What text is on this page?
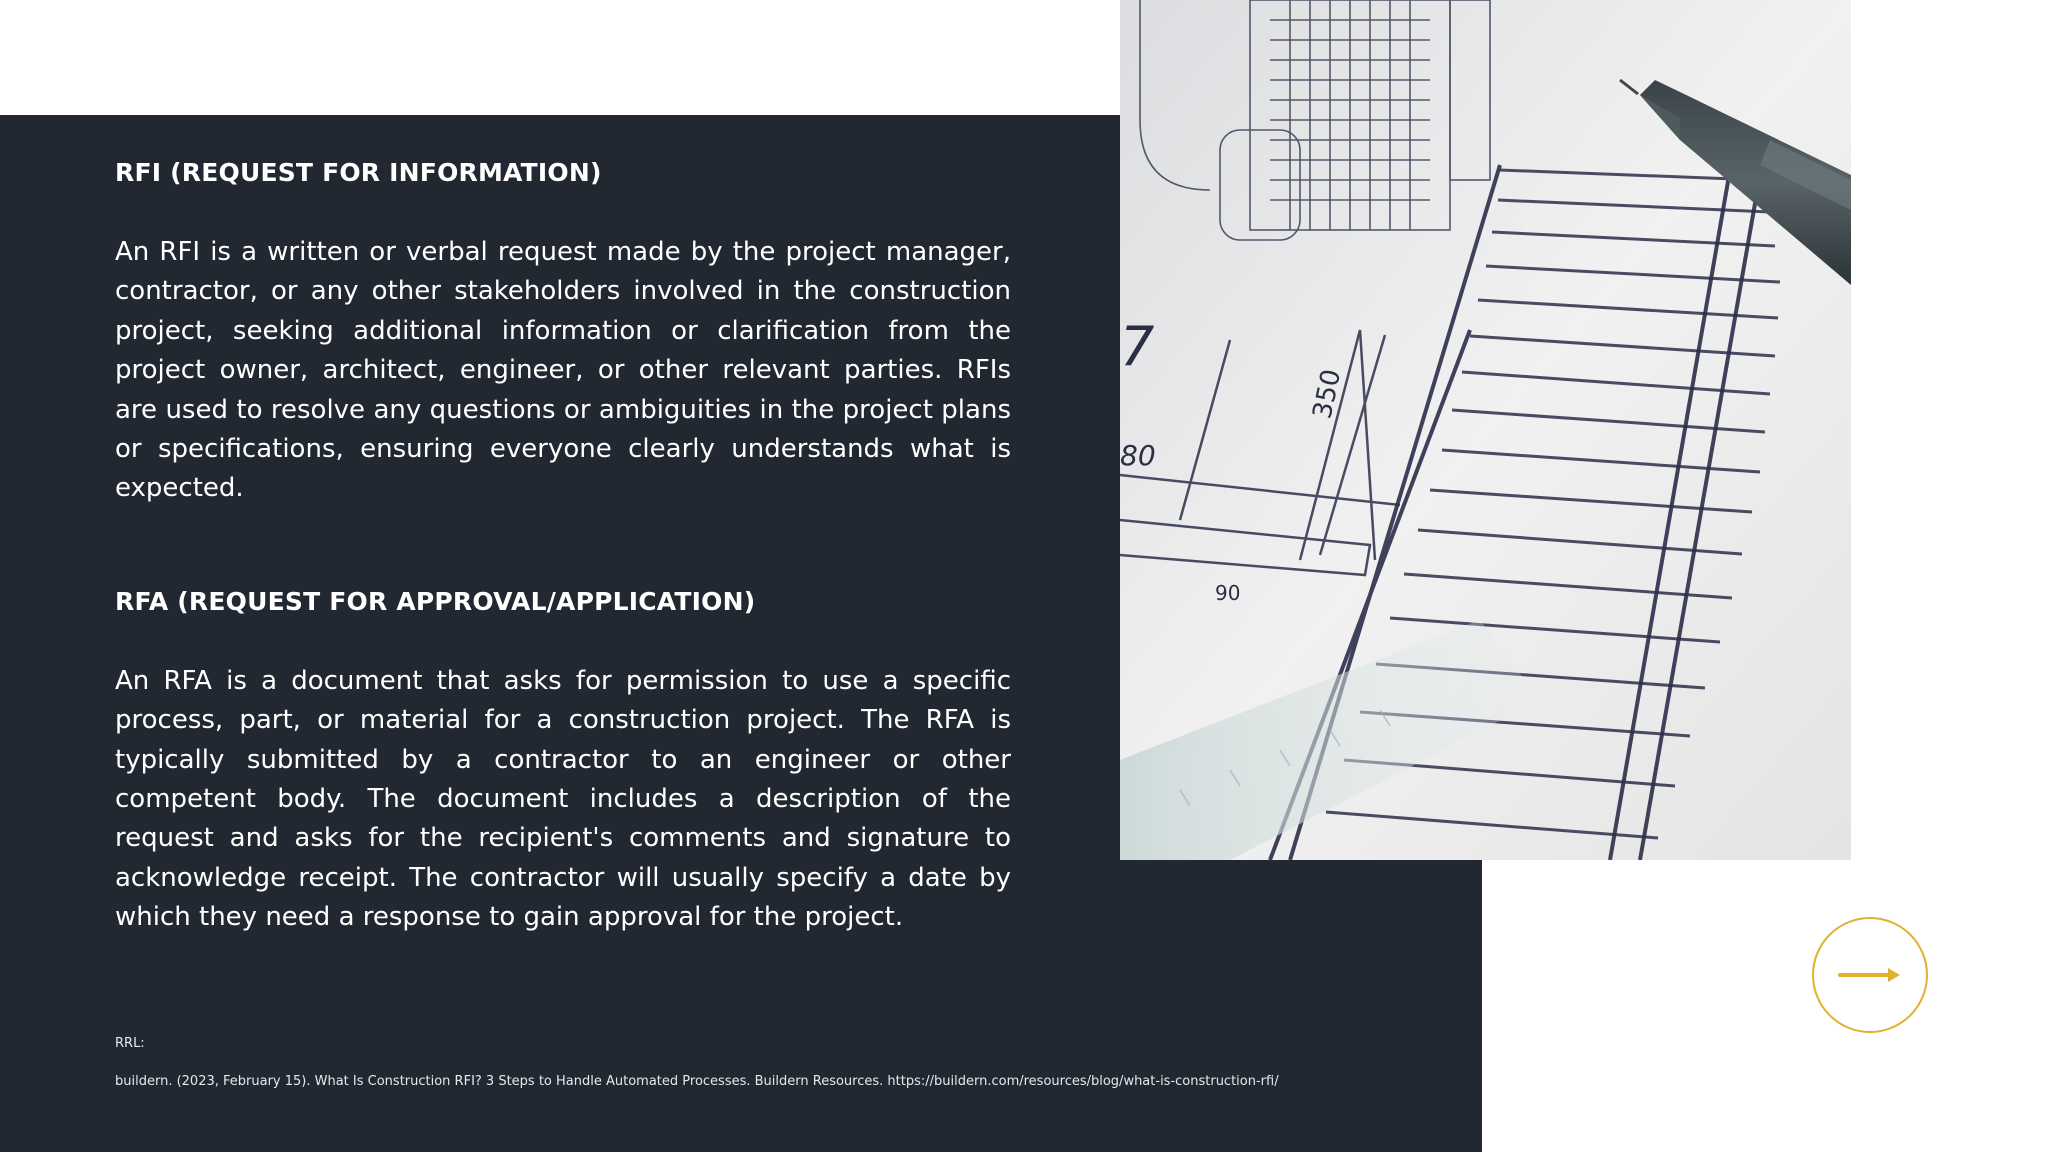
RFI (REQUEST FOR INFORMATION)

An RFI is a written or verbal request made by the project manager, contractor, or any other stakeholders involved in the construction project, seeking additional information or clarification from the project owner, architect, engineer, or other relevant parties. RFIs are used to resolve any questions or ambiguities in the project plans or specifications, ensuring everyone clearly understands what is expected.

RFA (REQUEST FOR APPROVAL/APPLICATION)

An RFA is a document that asks for permission to use a specific process, part, or material for a construction project. The RFA is typically submitted by a contractor to an engineer or other competent body. The document includes a description of the request and asks for the recipient's comments and signature to acknowledge receipt. The contractor will usually specify a date by which they need a response to gain approval for the project.

RRL:
buildern. (2023, February 15). What Is Construction RFI? 3 Steps to Handle Automated Processes. Buildern Resources. https://buildern.com/resources/blog/what-is-construction-rfi/
7
350
80
90
